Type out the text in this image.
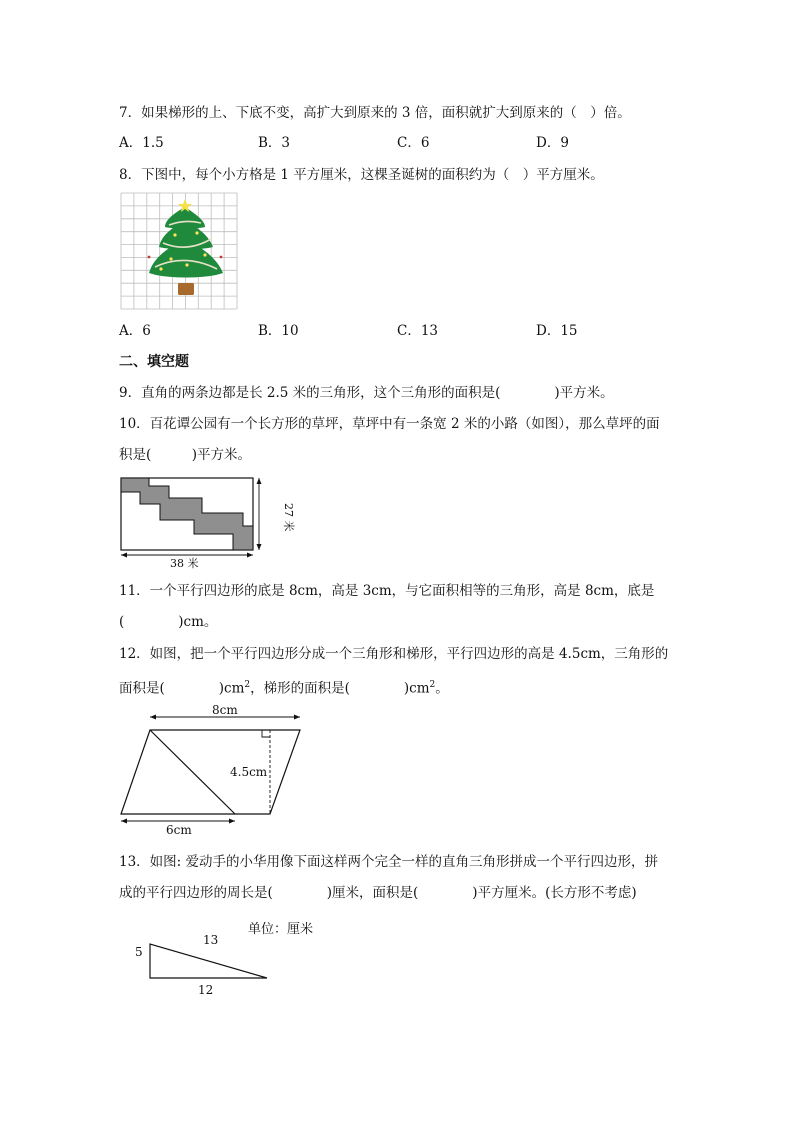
7．如果梯形的上、下底不变，高扩大到原来的 3 倍，面积就扩大到原来的（　）倍。
A．1.5	B．3	C．6	D．9
8．下图中，每个小方格是 1 平方厘米，这棵圣诞树的面积约为（　）平方厘米。
A．6	B．10	C．13	D．15
二、填空题
9．直角的两条边都是长 2.5 米的三角形，这个三角形的面积是(　　　　)平方米。
10．百花谭公园有一个长方形的草坪，草坪中有一条宽 2 米的小路（如图），那么草坪的面
积是(　　　)平方米。
38 米
27 米
11．一个平行四边形的底是 8cm，高是 3cm，与它面积相等的三角形，高是 8cm，底是
(　　　　)cm。
12．如图，把一个平行四边形分成一个三角形和梯形，平行四边形的高是 4.5cm，三角形的
面积是(　　　　)$cm^2$，梯形的面积是(　　　　)$cm^2$。
8cm
4.5cm
6cm
13．如图: 爱动手的小华用像下面这样两个完全一样的直角三角形拼成一个平行四边形，拼
成的平行四边形的周长是(　　　　)厘米，面积是(　　　　)平方厘米。(长方形不考虑)
单位：厘米
5
13
12
